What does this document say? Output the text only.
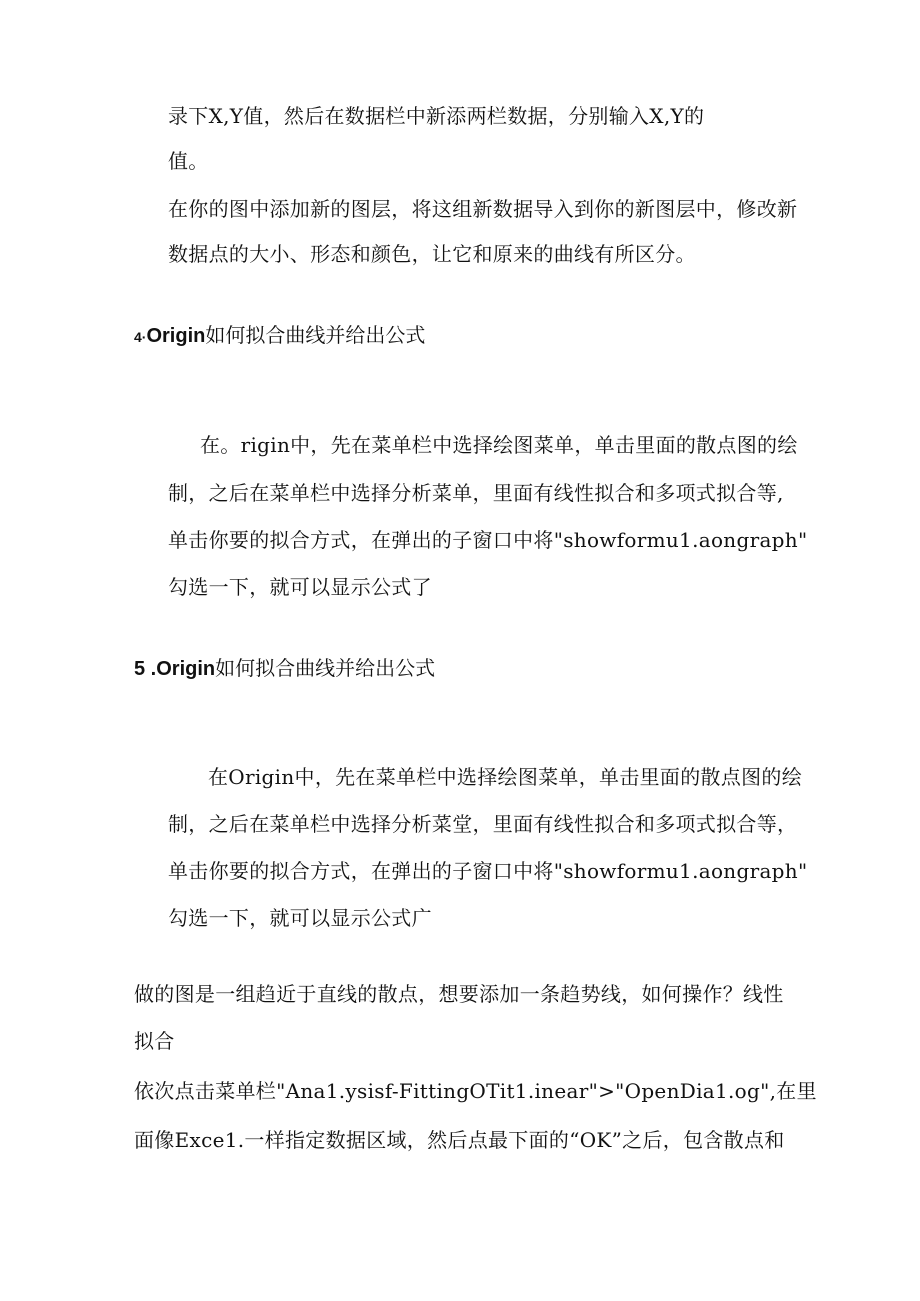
录下X,Y值，然后在数据栏中新添两栏数据，分别输入X,Y的
值。
在你的图中添加新的图层，将这组新数据导入到你的新图层中，修改新
数据点的大小、形态和颜色，让它和原来的曲线有所区分。
4·Origin如何拟合曲线并给出公式
在。rigin中，先在菜单栏中选择绘图菜单，单击里面的散点图的绘
制，之后在菜单栏中选择分析菜单，里面有线性拟合和多项式拟合等,
单击你要的拟合方式，在弹出的子窗口中将"showformu1.aongraph"
勾选一下，就可以显示公式了
5 .Origin如何拟合曲线并给出公式
在Origin中，先在菜单栏中选择绘图菜单，单击里面的散点图的绘
制，之后在菜单栏中选择分析菜堂，里面有线性拟合和多项式拟合等，
单击你要的拟合方式，在弹出的子窗口中将"showformu1.aongraph"
勾选一下，就可以显示公式广
做的图是一组趋近于直线的散点，想要添加一条趋势线，如何操作？线性
拟合
依次点击菜单栏"Ana1.ysisf-FittingOTit1.inear">"OpenDia1.og",在里
面像Exce1.一样指定数据区域，然后点最下面的“OK”之后，包含散点和
